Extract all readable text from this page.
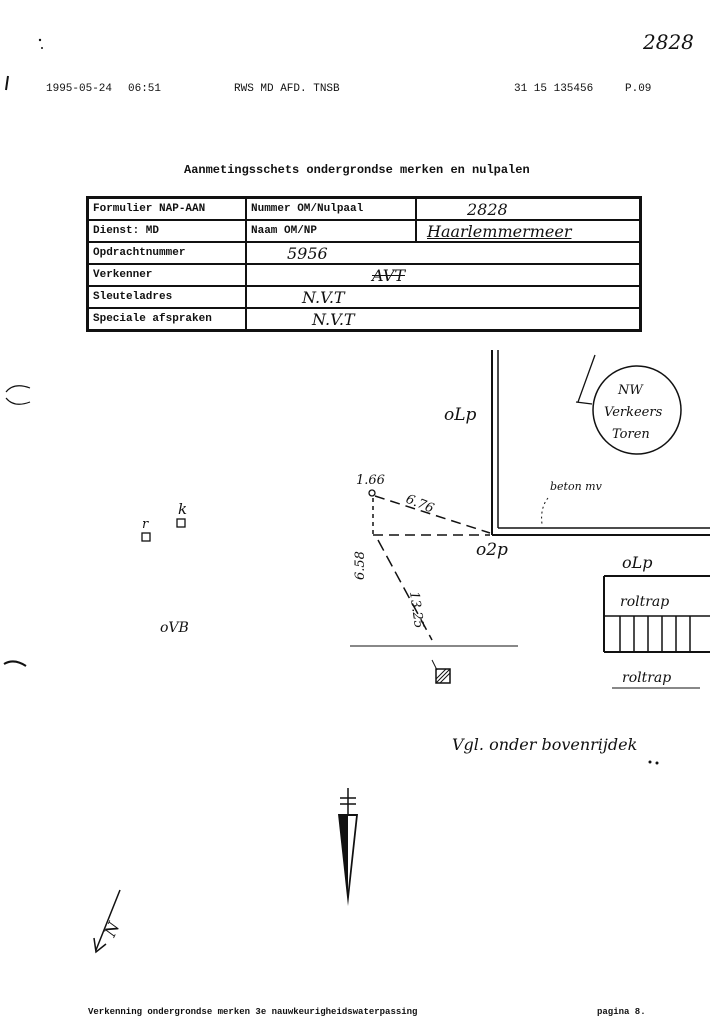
2828
1995-05-24 06:51	RWS MD AFD. TNSB	31 15 135456	P.09
Aanmetingsschets ondergrondse merken en nulpalen
Formulier NAP-AAN	Nummer OM/Nulpaal	2828
Dienst: MD	Naam OM/NP	Haarlemmermeer
Opdrachtnummer	5956	
Verkenner	AVT	
Sleuteladres	N.V.T	
Speciale afspraken	N.V.T	
NW
Verkeers
Toren
oLp
beton mv
1.66
6.76
6.58
13.25
o2p
r
k
oVB
oLp
roltrap
roltrap
Vgl. onder bovenrijdek
N
Verkenning ondergrondse merken 3e nauwkeurigheidswaterpassing	pagina 8.
